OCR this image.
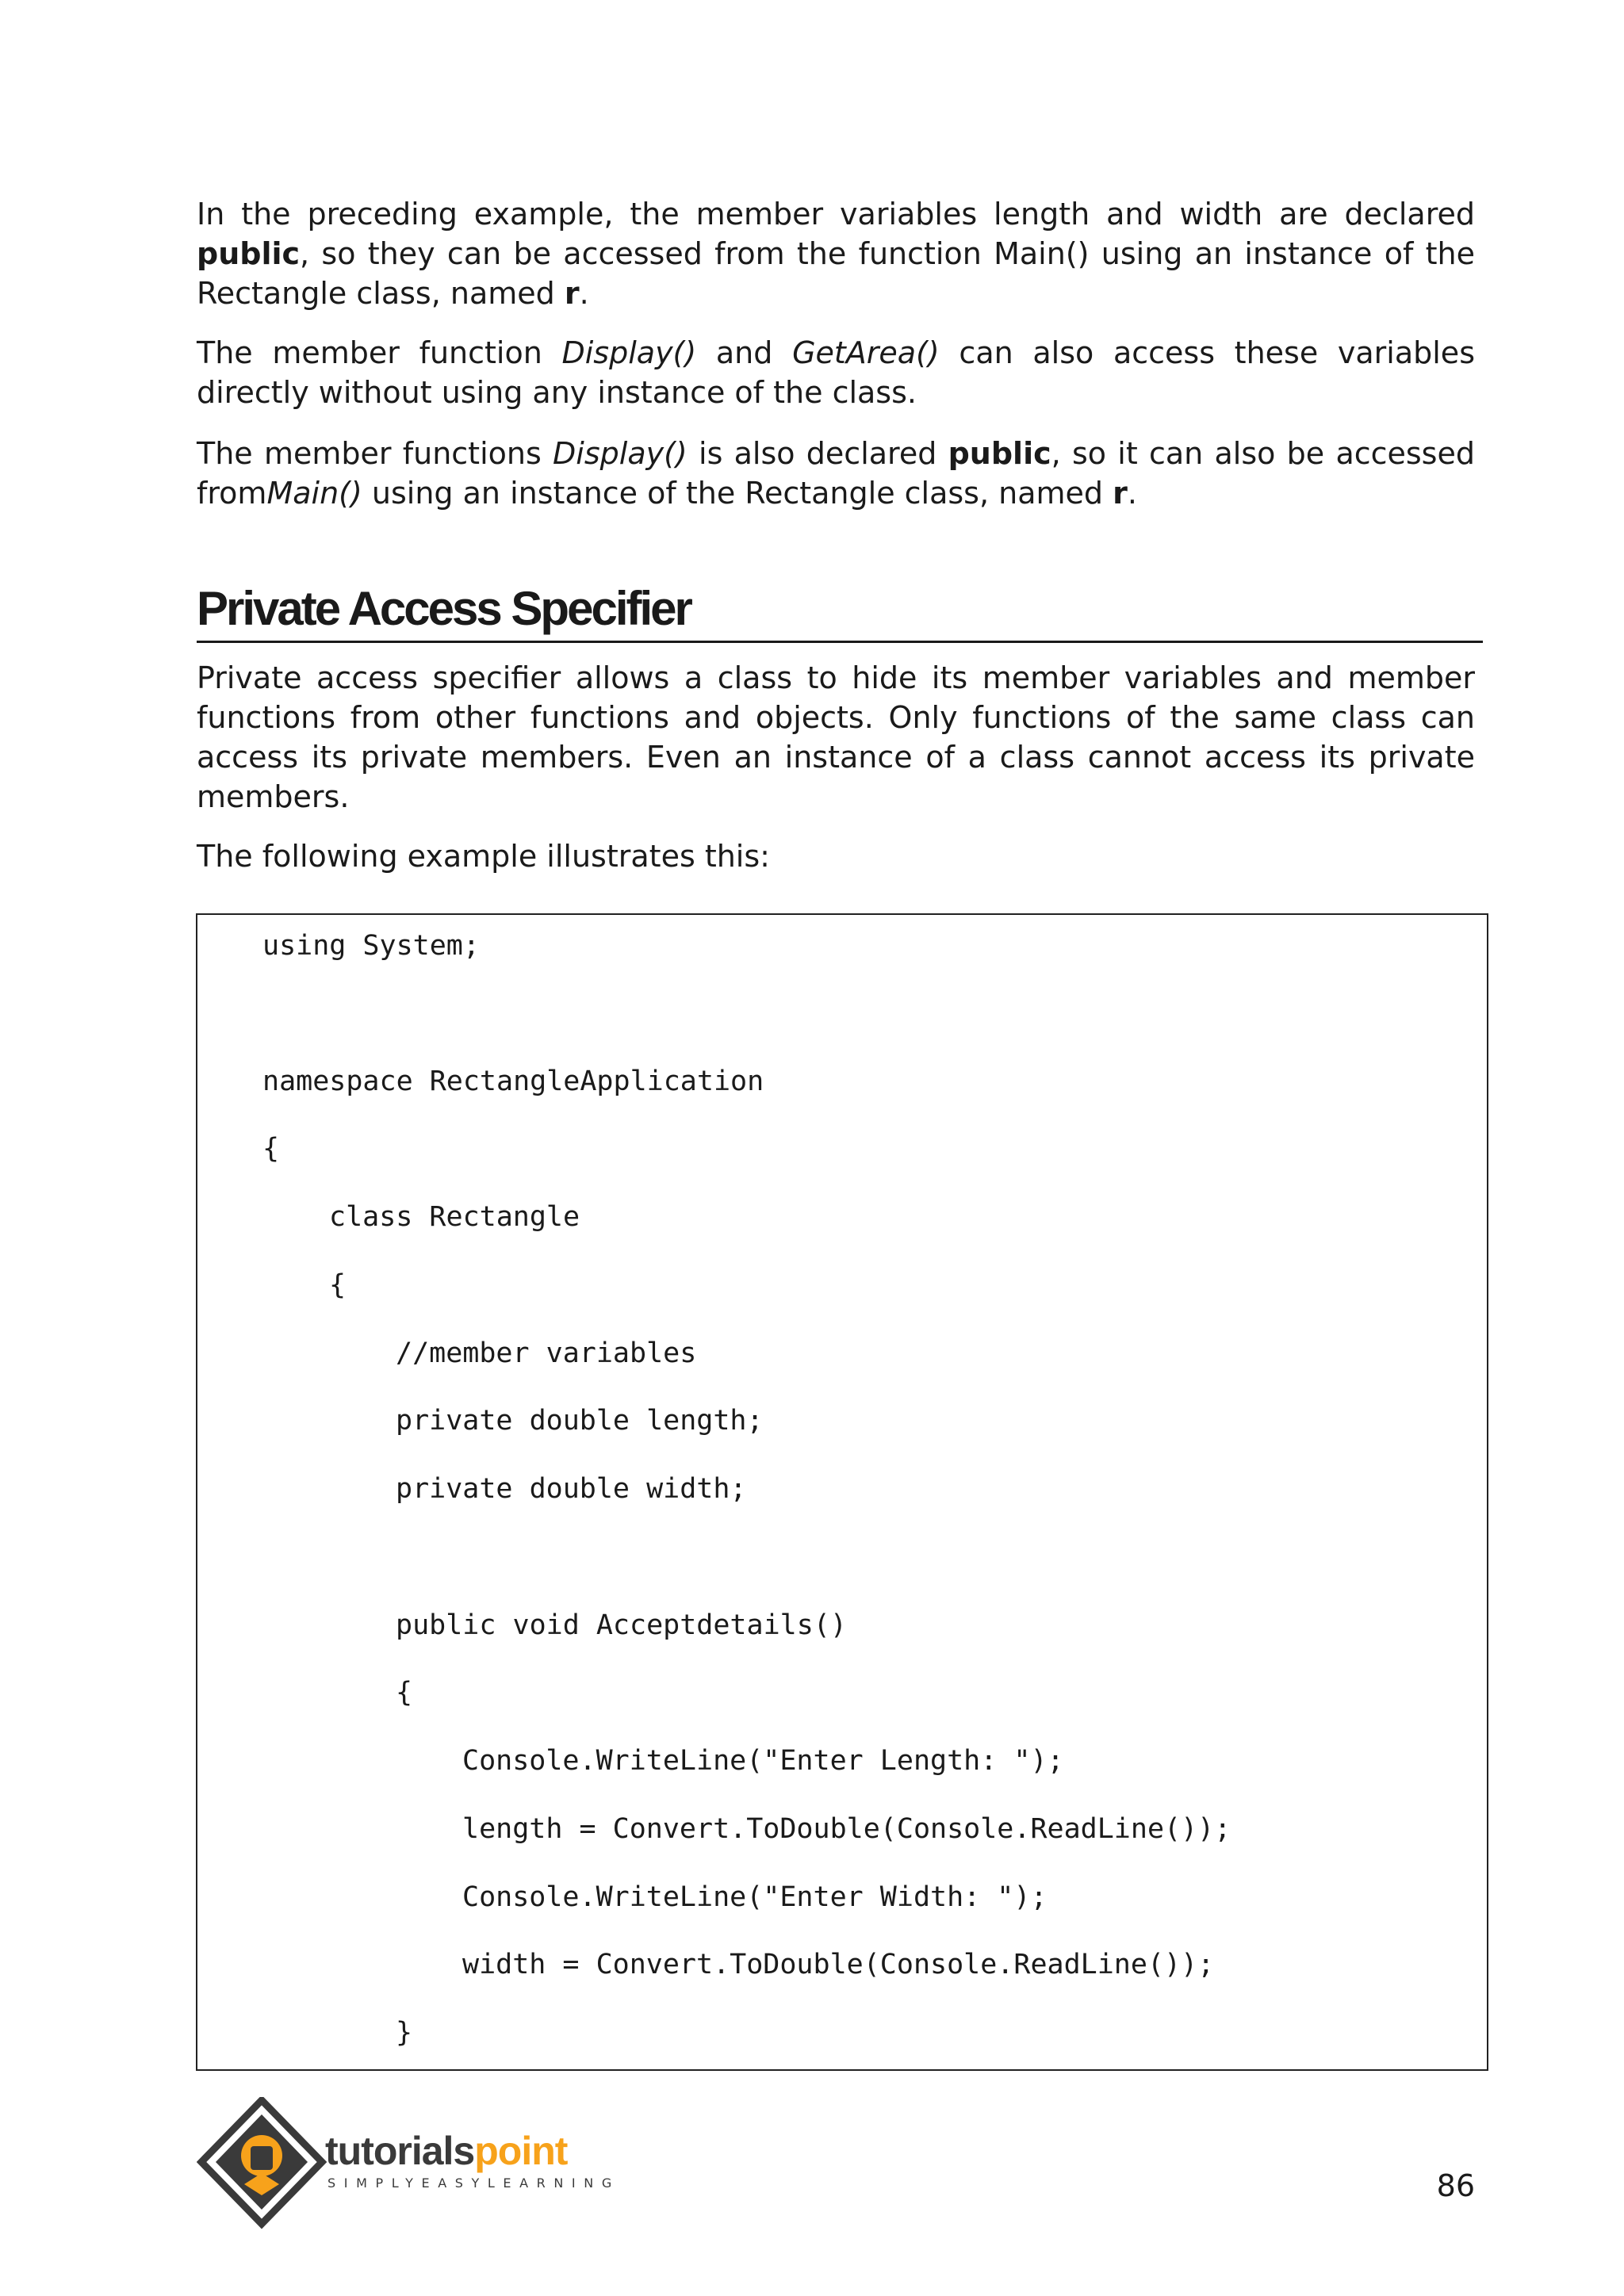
In the preceding example, the member variables length and width are declared public, so they can be accessed from the function Main() using an instance of the Rectangle class, named r.

The member function Display() and GetArea() can also access these variables directly without using any instance of the class.

The member functions Display() is also declared public, so it can also be accessed fromMain() using an instance of the Rectangle class, named r.

Private Access Specifier

Private access specifier allows a class to hide its member variables and member functions from other functions and objects. Only functions of the same class can access its private members. Even an instance of a class cannot access its private members.

The following example illustrates this:

using System;
namespace RectangleApplication
{
class Rectangle
{
//member variables
private double length;
private double width;
public void Acceptdetails()
{
Console.WriteLine("Enter Length: ");
length = Convert.ToDouble(Console.ReadLine());
Console.WriteLine("Enter Width: ");
width = Convert.ToDouble(Console.ReadLine());
}
tutorialspoint
SIMPLYEASYLEARNING	86
